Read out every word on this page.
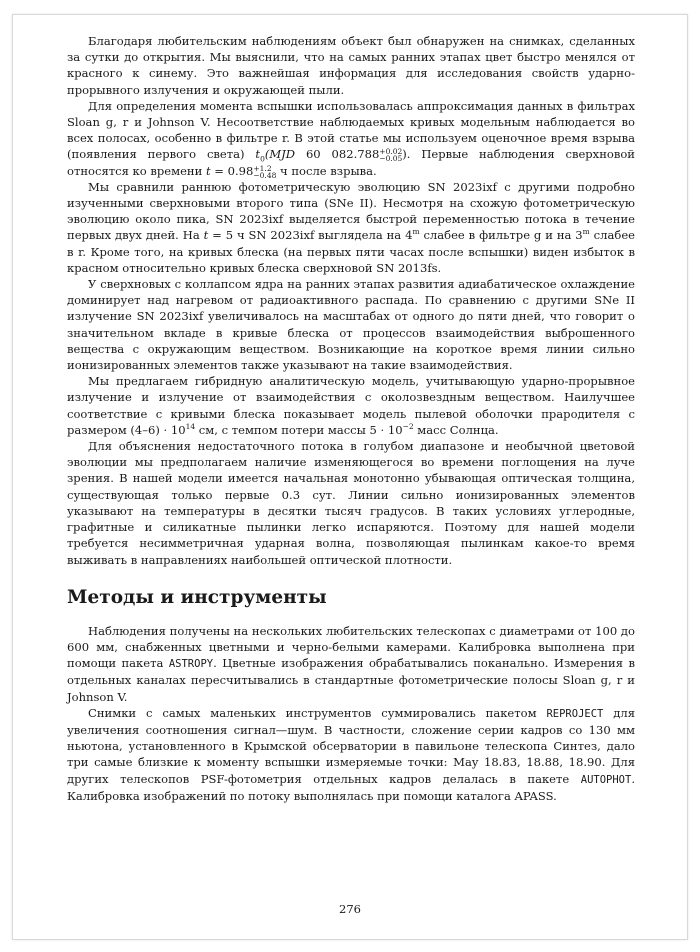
Благодаря любительским наблюдениям объект был обнаружен на снимках, сделанных за сутки до открытия. Мы выяснили, что на самых ранних этапах цвет быстро менялся от красного к синему. Это важнейшая информация для исследования свойств ударно-прорывного излучения и окружающей пыли.

Для определения момента вспышки использовалась аппроксимация данных в фильтрах Sloan g, r и Johnson V. Несоответствие наблюдаемых кривых модельным наблюдается во всех полосах, особенно в фильтре r. В этой статье мы используем оценочное время взрыва (появления первого света) $t_0(MJD$ 60 082.788 +0.02
−0.05 ). Первые наблюдения сверхновой относятся ко времени t = 0.98 +1.2
−0.48 ч после взрыва.

Мы сравнили раннюю фотометрическую эволюцию SN 2023ixf с другими подробно изученными сверхновыми второго типа (SNe II). Несмотря на схожую фотометрическую эволюцию около пика, SN 2023ixf выделяется быстрой переменностью потока в течение первых двух дней. На t = 5 ч SN 2023ixf выглядела на 4$^m$ слабее в фильтре g и на 3$^m$ слабее в r. Кроме того, на кривых блеска (на первых пяти часах после вспышки) виден избыток в красном относительно кривых блеска сверхновой SN 2013fs.

У сверхновых с коллапсом ядра на ранних этапах развития адиабатическое охлаждение доминирует над нагревом от радиоактивного распада. По сравнению с другими SNe II излучение SN 2023ixf увеличивалось на масштабах от одного до пяти дней, что говорит о значительном вкладе в кривые блеска от процессов взаимодействия выброшенного вещества с окружающим веществом. Возникающие на короткое время линии сильно ионизированных элементов также указывают на такие взаимодействия.

Мы предлагаем гибридную аналитическую модель, учитывающую ударно-прорывное излучение и излучение от взаимодействия с околозвездным веществом. Наилучшее соответствие с кривыми блеска показывает модель пылевой оболочки прародителя с размером $(4-6) \cdot 10^{14}$ см, с темпом потери массы $5 \cdot 10^{-2}$ масс Солнца.

Для объяснения недостаточного потока в голубом диапазоне и необычной цветовой эволюции мы предполагаем наличие изменяющегося во времени поглощения на луче зрения. В нашей модели имеется начальная монотонно убывающая оптическая толщина, существующая только первые 0.3 сут. Линии сильно ионизированных элементов указывают на температуры в десятки тысяч градусов. В таких условиях углеродные, графитные и силикатные пылинки легко испаряются. Поэтому для нашей модели требуется несимметричная ударная волна, позволяющая пылинкам какое-то время выживать в направлениях наибольшей оптической плотности.

Методы и инструменты

Наблюдения получены на нескольких любительских телескопах с диаметрами от 100 до 600 мм, снабженных цветными и черно-белыми камерами. Калибровка выполнена при помощи пакета ASTROPY. Цветные изображения обрабатывались поканально. Измерения в отдельных каналах пересчитывались в стандартные фотометрические полосы Sloan g, r и Johnson V.

Снимки с самых маленьких инструментов суммировались пакетом REPROJECT для увеличения соотношения сигнал—шум. В частности, сложение серии кадров со 130 мм ньютона, установленного в Крымской обсерватории в павильоне телескопа Синтез, дало три самые близкие к моменту вспышки измеряемые точки: May 18.83, 18.88, 18.90. Для других телескопов PSF-фотометрия отдельных кадров делалась в пакете AUTOPHOT. Калибровка изображений по потоку выполнялась при помощи каталога APASS.

276
